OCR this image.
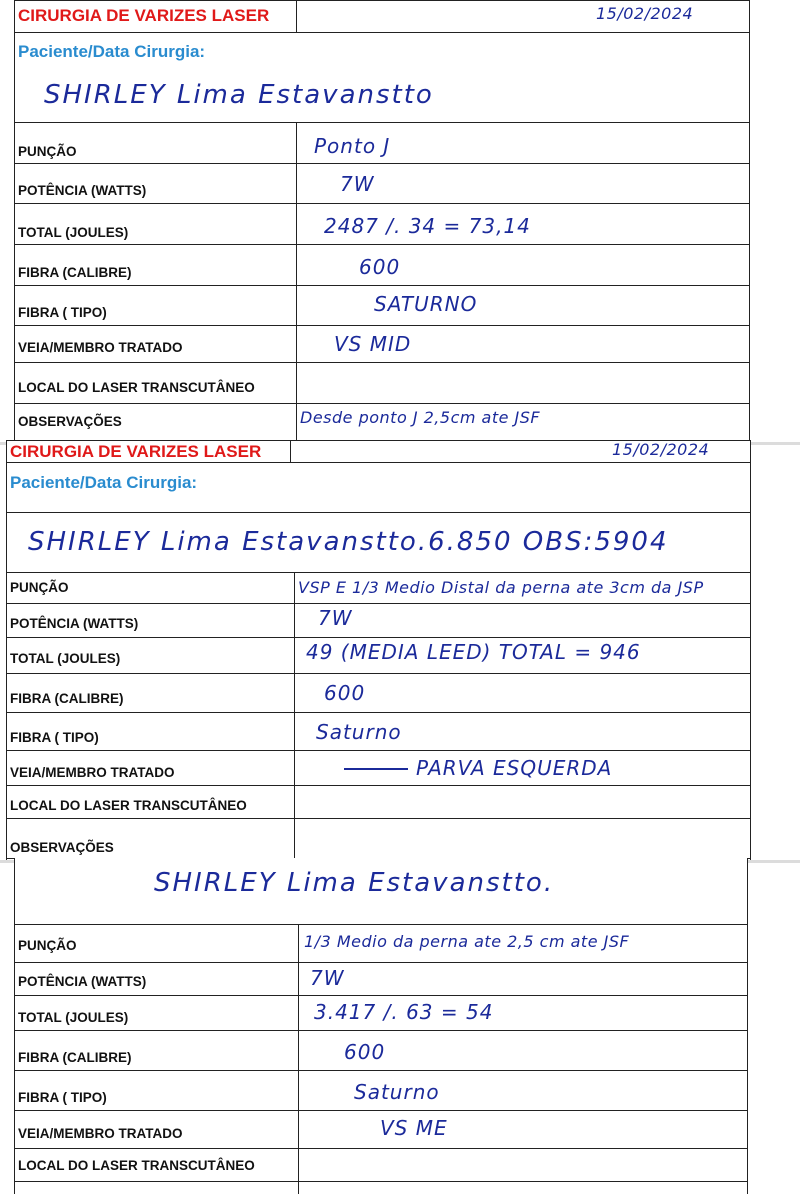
CIRURGIA DE VARIZES LASER	15/02/2024
Paciente/Data Cirurgia:
SHIRLEY Lima Estavanstto
PUNÇÃO	Ponto J
POTÊNCIA (WATTS)	7W
TOTAL (JOULES)	2487 /. 34 = 73,14
FIBRA (CALIBRE)	600
FIBRA ( TIPO)	SATURNO
VEIA/MEMBRO TRATADO	VS MID
LOCAL DO LASER TRANSCUTÂNEO
OBSERVAÇÕES	Desde ponto J 2,5cm ate JSF
CIRURGIA DE VARIZES LASER	15/02/2024
Paciente/Data Cirurgia:
SHIRLEY Lima Estavanstto.6.850 OBS:5904
PUNÇÃO	VSP E 1/3 Medio Distal da perna ate 3cm da JSP
POTÊNCIA (WATTS)	7W
TOTAL (JOULES)	49 (MEDIA LEED) TOTAL = 946
FIBRA (CALIBRE)	600
FIBRA ( TIPO)	Saturno
VEIA/MEMBRO TRATADO	PARVA ESQUERDA
LOCAL DO LASER TRANSCUTÂNEO
OBSERVAÇÕES
SHIRLEY Lima Estavanstto.
PUNÇÃO	1/3 Medio da perna ate 2,5 cm ate JSF
POTÊNCIA (WATTS)	7W
TOTAL (JOULES)	3.417 /. 63 = 54
FIBRA (CALIBRE)	600
FIBRA ( TIPO)	Saturno
VEIA/MEMBRO TRATADO	VS ME
LOCAL DO LASER TRANSCUTÂNEO
